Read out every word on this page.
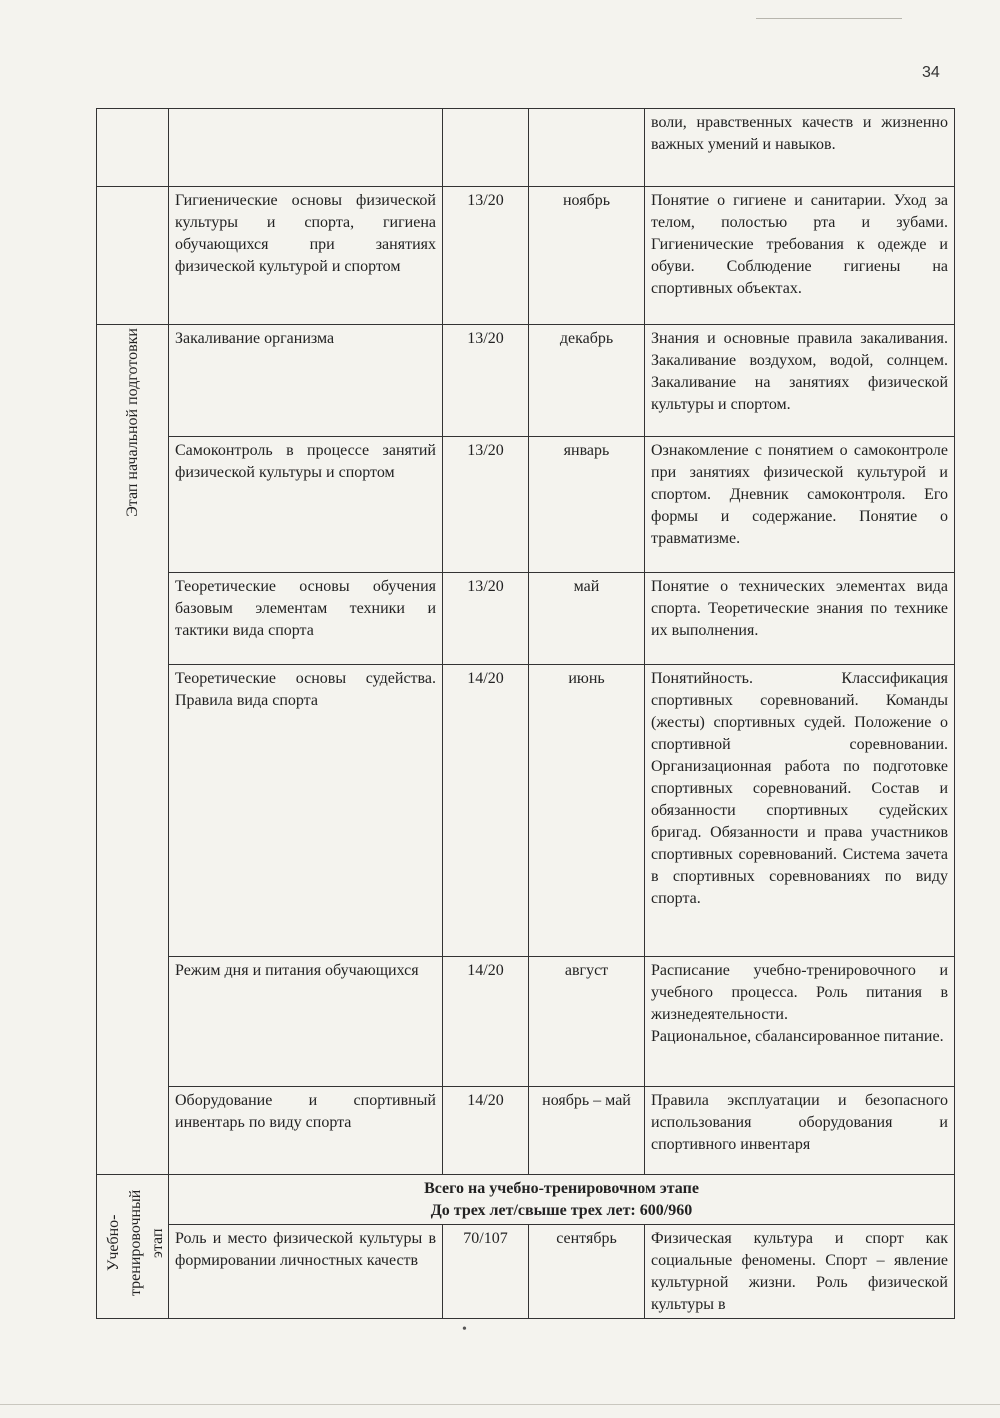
34
				воли, нравственных качеств и жизненно важных умений и навыков.
	Гигиенические основы физической культуры и спорта, гигиена обучающихся при занятиях физической культурой и спортом	13/20	ноябрь	Понятие о гигиене и санитарии. Уход за телом, полостью рта и зубами. Гигиенические требования к одежде и обуви. Соблюдение гигиены на спортивных объектах.
Этап начальной подготовки	Закаливание организма	13/20	декабрь	Знания и основные правила закаливания. Закаливание воздухом, водой, солнцем. Закаливание на занятиях физической культуры и спортом.
	Самоконтроль в процессе занятий физической культуры и спортом	13/20	январь	Ознакомление с понятием о самоконтроле при занятиях физической культурой и спортом. Дневник самоконтроля. Его формы и содержание. Понятие о травматизме.
	Теоретические основы обучения базовым элементам техники и тактики вида спорта	13/20	май	Понятие о технических элементах вида спорта. Теоретические знания по технике их выполнения.
	Теоретические основы судейства. Правила вида спорта	14/20	июнь	Понятийность. Классификация спортивных соревнований. Команды (жесты) спортивных судей. Положение о спортивной соревновании. Организационная работа по подготовке спортивных соревнований. Состав и обязанности спортивных судейских бригад. Обязанности и права участников спортивных соревнований. Система зачета в спортивных соревнованиях по виду спорта.
	Режим дня и питания обучающихся	14/20	август	Расписание учебно-тренировочного и учебного процесса. Роль питания в жизнедеятельности.
Рациональное, сбалансированное питание.

	Оборудование и спортивный инвентарь по виду спорта	14/20	ноябрь – май	Правила эксплуатации и безопасного использования оборудования и спортивного инвентаря
Учебно-тренировочный этап	Всего на учебно-тренировочном этапе
До трех лет/свыше трех лет: 600/960			

	Роль и место физической культуры в формировании личностных качеств	70/107	сентябрь	Физическая культура и спорт как социальные феномены. Спорт – явление культурной жизни. Роль физической культуры в
•
